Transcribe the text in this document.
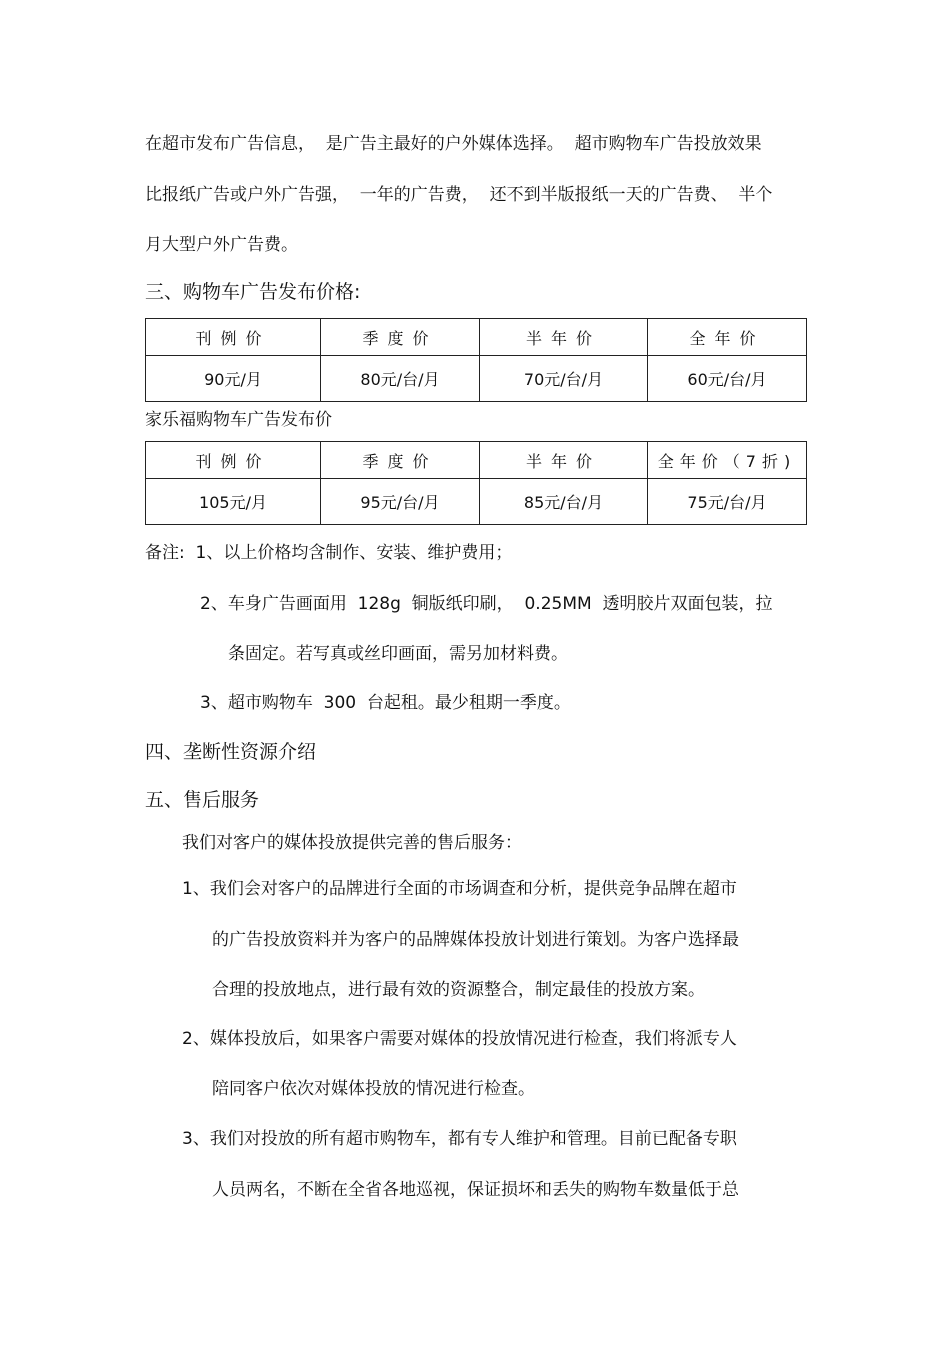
在超市发布广告信息，  是广告主最好的户外媒体选择。  超市购物车广告投放效果
比报纸广告或户外广告强，  一年的广告费，  还不到半版报纸一天的广告费、  半个
月大型户外广告费。
三、购物车广告发布价格:
刊例价	季度价	半年价	全年价
90元/月	80元/台/月	70元/台/月	60元/台/月
家乐福购物车广告发布价
刊例价	季度价	半年价	全年价（7折)
105元/月	95元/台/月	85元/台/月	75元/台/月
备注:  1、以上价格均含制作、安装、维护费用；
2、车身广告画面用  128g  铜版纸印刷，  0.25MM  透明胶片双面包装，拉
条固定。若写真或丝印画面，需另加材料费。
3、超市购物车  300  台起租。最少租期一季度。
四、垄断性资源介绍
五、售后服务
我们对客户的媒体投放提供完善的售后服务：
1、我们会对客户的品牌进行全面的市场调查和分析，提供竞争品牌在超市
的广告投放资料并为客户的品牌媒体投放计划进行策划。为客户选择最
合理的投放地点，进行最有效的资源整合，制定最佳的投放方案。
2、媒体投放后，如果客户需要对媒体的投放情况进行检查，我们将派专人
陪同客户依次对媒体投放的情况进行检查。
3、我们对投放的所有超市购物车，都有专人维护和管理。目前已配备专职
人员两名，不断在全省各地巡视，保证损坏和丢失的购物车数量低于总
